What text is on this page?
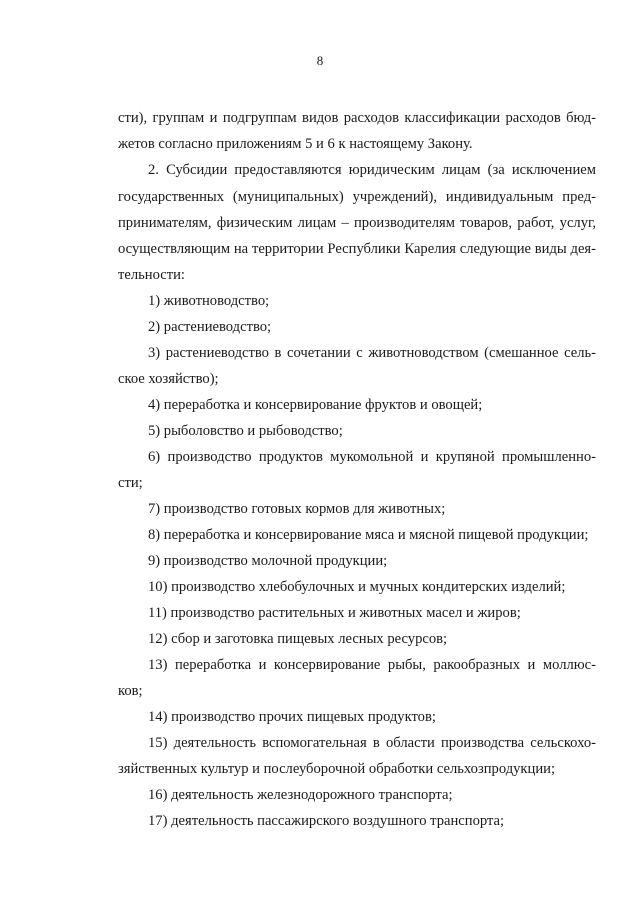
8
сти), группам и подгруппам видов расходов классификации расходов бюд-
жетов согласно приложениям 5 и 6 к настоящему Закону.
2. Субсидии предоставляются юридическим лицам (за исключением
государственных (муниципальных) учреждений), индивидуальным пред-
принимателям, физическим лицам – производителям товаров, работ, услуг,
осуществляющим на территории Республики Карелия следующие виды дея-
тельности:
1) животноводство;
2) растениеводство;
3) растениеводство в сочетании с животноводством (смешанное сель-
ское хозяйство);
4) переработка и консервирование фруктов и овощей;
5) рыболовство и рыбоводство;
6) производство продуктов мукомольной и крупяной промышленно-
сти;
7) производство готовых кормов для животных;
8) переработка и консервирование мяса и мясной пищевой продукции;
9) производство молочной продукции;
10) производство хлебобулочных и мучных кондитерских изделий;
11) производство растительных и животных масел и жиров;
12) сбор и заготовка пищевых лесных ресурсов;
13) переработка и консервирование рыбы, ракообразных и моллюс-
ков;
14) производство прочих пищевых продуктов;
15) деятельность вспомогательная в области производства сельскохо-
зяйственных культур и послеуборочной обработки сельхозпродукции;
16) деятельность железнодорожного транспорта;
17) деятельность пассажирского воздушного транспорта;
